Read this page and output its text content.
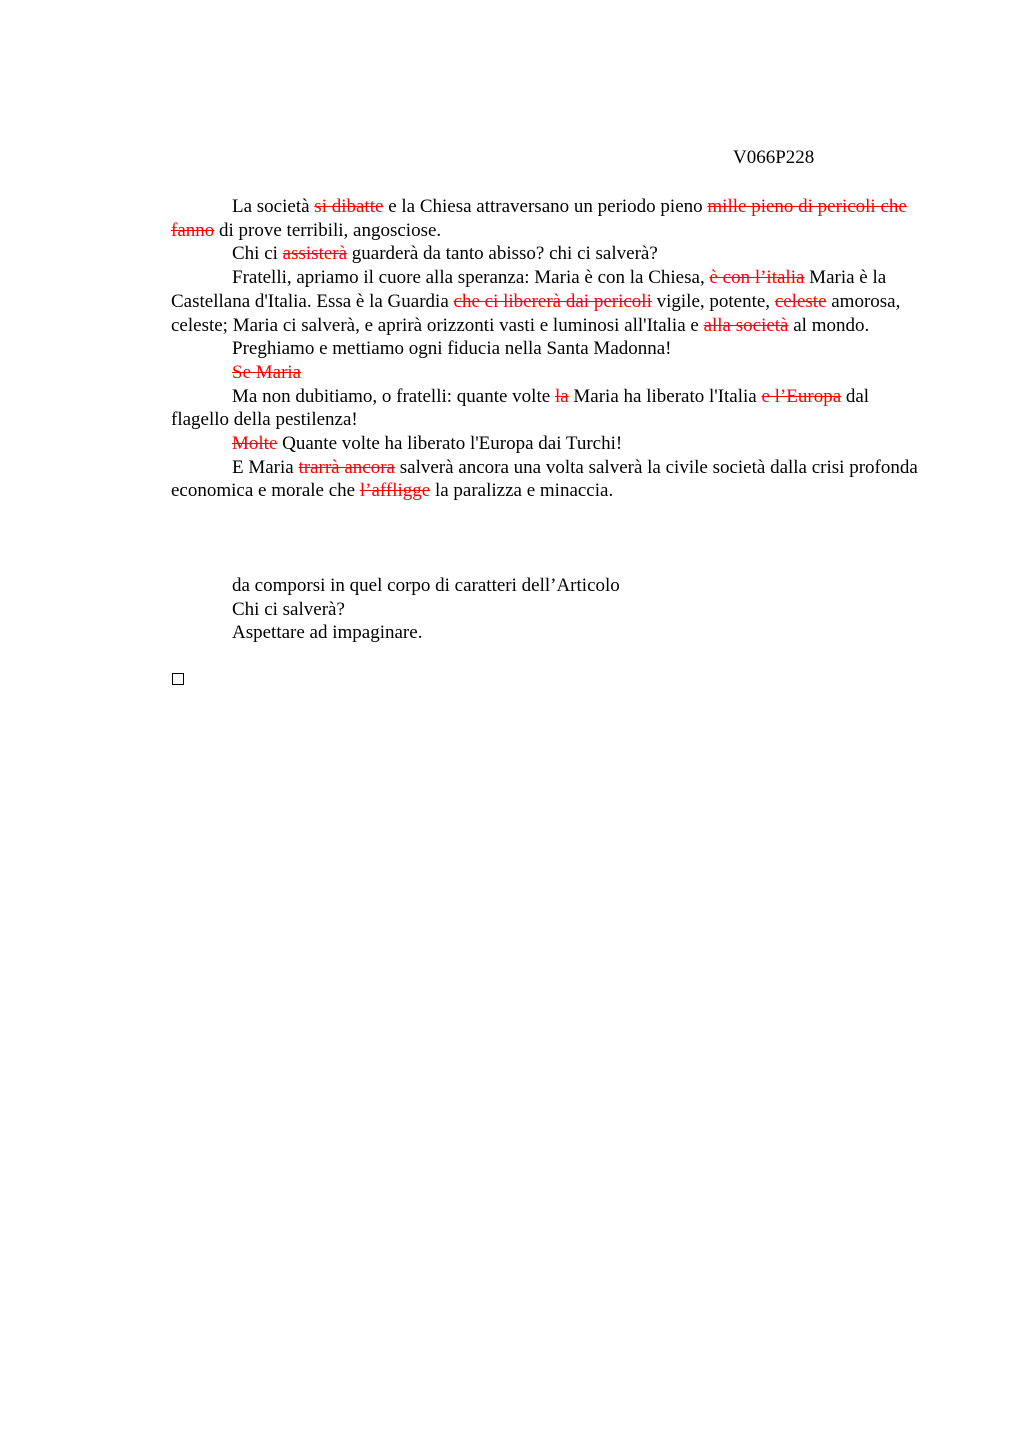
V066P228

La società si dibatte e la Chiesa attraversano un periodo pieno mille pieno di pericoli che fanno di prove terribili, angosciose.

Chi ci assisterà guarderà da tanto abisso? chi ci salverà?

Fratelli, apriamo il cuore alla speranza: Maria è con la Chiesa, è con l’italia Maria è la Castellana d'Italia. Essa è la Guardia che ci libererà dai pericoli vigile, potente, celeste amorosa, celeste; Maria ci salverà, e aprirà orizzonti vasti e luminosi all'Italia e alla società al mondo.

Preghiamo e mettiamo ogni fiducia nella Santa Madonna!

Se Maria

Ma non dubitiamo, o fratelli: quante volte la Maria ha liberato l'Italia e l’Europa dal flagello della pestilenza!

Molte Quante volte ha liberato l'Europa dai Turchi!

E Maria trarrà ancora salverà ancora una volta salverà la civile società dalla crisi profonda economica e morale che l’affligge la paralizza e minaccia.

da comporsi in quel corpo di caratteri dell’Articolo

Chi ci salverà?

Aspettare ad impaginare.
